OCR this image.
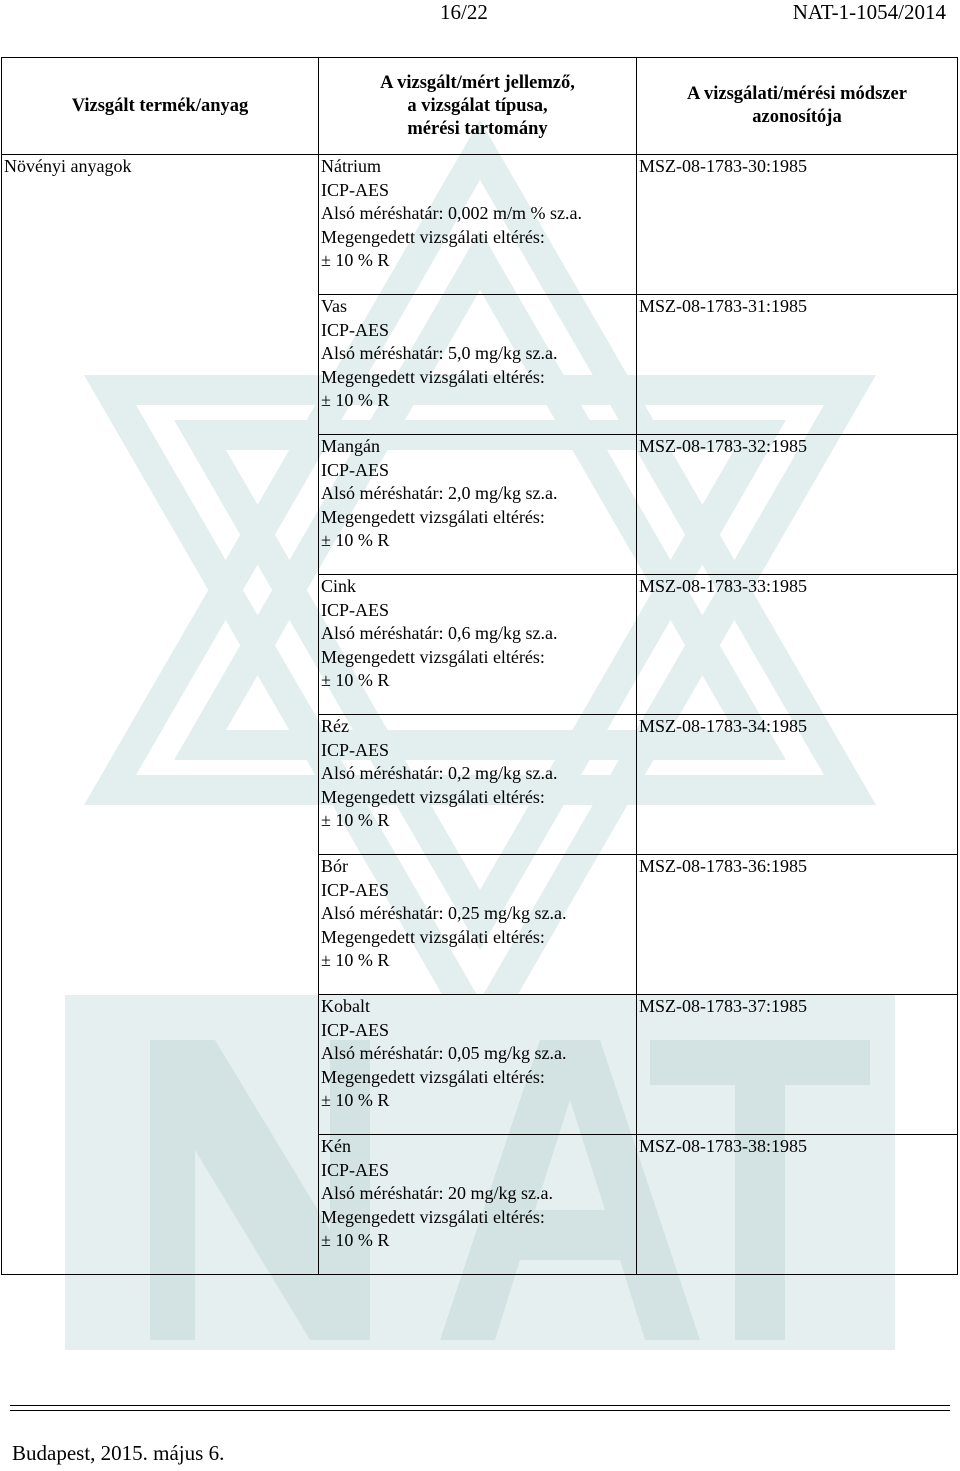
16/22	NAT-1-1054/2014
Vizsgált termék/anyag	A vizsgált/mért jellemző,
a vizsgálat típusa,
mérési tartomány	A vizsgálati/mérési módszer
azonosítója

Növényi anyagok	Nátrium
ICP-AES
Alsó méréshatár: 0,002 m/m % sz.a.
Megengedett vizsgálati eltérés:
± 10 % R	MSZ-08-1783-30:1985

	Vas
ICP-AES
Alsó méréshatár: 5,0 mg/kg sz.a.
Megengedett vizsgálati eltérés:
± 10 % R	MSZ-08-1783-31:1985

	Mangán
ICP-AES
Alsó méréshatár: 2,0 mg/kg sz.a.
Megengedett vizsgálati eltérés:
± 10 % R	MSZ-08-1783-32:1985

	Cink
ICP-AES
Alsó méréshatár: 0,6 mg/kg sz.a.
Megengedett vizsgálati eltérés:
± 10 % R	MSZ-08-1783-33:1985

	Réz
ICP-AES
Alsó méréshatár: 0,2 mg/kg sz.a.
Megengedett vizsgálati eltérés:
± 10 % R	MSZ-08-1783-34:1985

	Bór
ICP-AES
Alsó méréshatár: 0,25 mg/kg sz.a.
Megengedett vizsgálati eltérés:
± 10 % R	MSZ-08-1783-36:1985

	Kobalt
ICP-AES
Alsó méréshatár: 0,05 mg/kg sz.a.
Megengedett vizsgálati eltérés:
± 10 % R	MSZ-08-1783-37:1985

	Kén
ICP-AES
Alsó méréshatár: 20 mg/kg sz.a.
Megengedett vizsgálati eltérés:
± 10 % R	MSZ-08-1783-38:1985
Budapest, 2015. május 6.
